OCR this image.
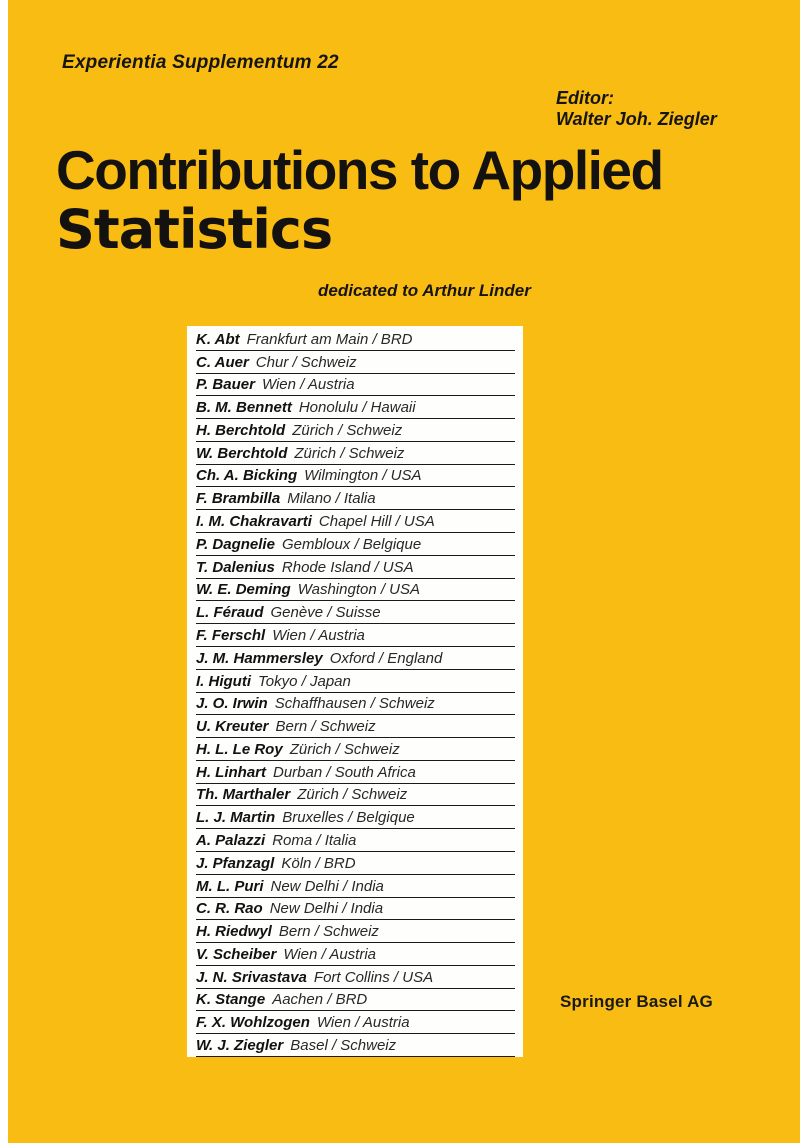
Experientia Supplementum 22
Editor:
Walter Joh. Ziegler
Contributions to Applied
Statistics
dedicated to Arthur Linder
K. Abt Frankfurt am Main / BRD
C. Auer Chur / Schweiz
P. Bauer Wien / Austria
B. M. Bennett Honolulu / Hawaii
H. Berchtold Zürich / Schweiz
W. Berchtold Zürich / Schweiz
Ch. A. Bicking Wilmington / USA
F. Brambilla Milano / Italia
I. M. Chakravarti Chapel Hill / USA
P. Dagnelie Gembloux / Belgique
T. Dalenius Rhode Island / USA
W. E. Deming Washington / USA
L. Féraud Genève / Suisse
F. Ferschl Wien / Austria
J. M. Hammersley Oxford / England
I. Higuti Tokyo / Japan
J. O. Irwin Schaffhausen / Schweiz
U. Kreuter Bern / Schweiz
H. L. Le Roy Zürich / Schweiz
H. Linhart Durban / South Africa
Th. Marthaler Zürich / Schweiz
L. J. Martin Bruxelles / Belgique
A. Palazzi Roma / Italia
J. Pfanzagl Köln / BRD
M. L. Puri New Delhi / India
C. R. Rao New Delhi / India
H. Riedwyl Bern / Schweiz
V. Scheiber Wien / Austria
J. N. Srivastava Fort Collins / USA
K. Stange Aachen / BRD
F. X. Wohlzogen Wien / Austria
W. J. Ziegler Basel / Schweiz
Springer Basel AG
